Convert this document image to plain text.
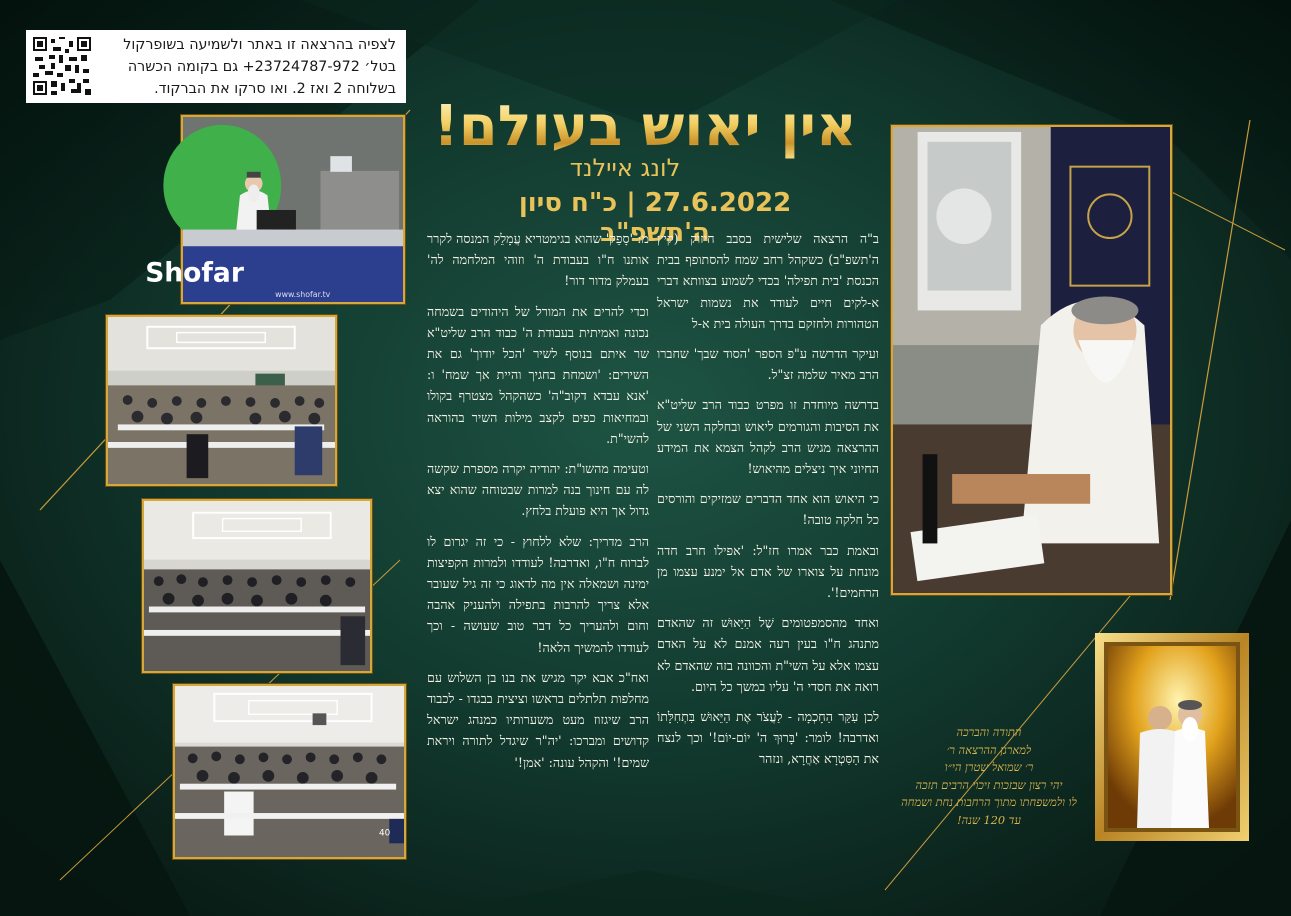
לצפיה בהרצאה זו באתר ולשמיעה בשופרקול
בטל׳ 23724787-972+ גם בקומה הכשרה
בשלוחה 2 ואז 2. ואו סרקו את הברקוד.
אין יאוש בעולם!
לונג איילנד
27.6.2022 | כ"ח סיון ה'תשפ"ב

ב"ה הרצאה שלישית בסבב חיזוק (קיץ ה'תשפ"ב) כשקהל רחב שמח להסתופף בבית הכנסת 'בית תפילה' בכדי לשמוע בצוותא דברי א-לקים חיים לעודד את נשמות ישראל הטהורות ולחזקם בדרך העולה בית א-ל

ועיקר הדרשה ע"פ הספר 'הסוד שבך' שחברו הרב מאיר שלמה זצ"ל.

בדרשה מיוחדת זו מפרט כבוד הרב שליט"א את הסיבות והגורמים ליאוש ובחלקה השני של ההרצאה מגיש הרב לקהל הצמא את המידע החיוני איך ניצלים מהיאוש!

כי היאוש הוא אחד הדברים שמזיקים והורסים כל חלקה טובה!

ובאמת כבר אמרו חז"ל: 'אפילו חרב חדה מונחת על צוארו של אדם אל ימנע עצמו מן הרחמים!'.

ואחד מהסמפטומים שֶׁל הַיֵּאוּשׁ זה שהאדם מתנהג ח"ו בעין רעה אמנם לא על האדם עצמו אלא על השי"ת והכוונה בזה שהאדם לא רואה את חסדי ה' עליו במשך כל היום.

לכן עִקַּר הַחָכְמָה - לַעֲצֹר אֶת הַיֵּאוּשׁ בִּתְחִלָּתוֹ ואדרבה! לומר: 'בָּרוּךְ ה' יוֹם-יוֹם!' וכך לנצח את הַסִּטְרָא אַחֲרָא, ונזהר

מ: 'סָפֵק' שהוא בגימטריא עֲמָלֵק המנסה לקרר אותנו ח"ו בעבודת ה' וזוהי המלחמה לה' בעמלק מדור דור!

וכדי להרים את המורל של היהודים בשמחה נכונה ואמיתית בעבודת ה' כבוד הרב שליט"א שר איתם בנוסף לשיר 'הכל יודוך' גם את השירים: 'ושמחת בחגיך והיית אך שמח' ו: 'אנא עבדא דקוב"ה' כשהקהל מצטרף בקולו ובמחיאות כפים לקצב מילות השיר בהוראה להשי"ת.

וטעימה מהשו"ת: יהודיה יקרה מספרת שקשה לה עם חינוך בנה למרות שבטוחה שהוא יצא גדול אך היא פועלת בלחץ.

הרב מדריך: שלא ללחוץ - כי זה יגרום לו לברוח ח"ו, ואדרבה! לעודדו ולמרות הקפיצות ימינה ושמאלה אין מה לדאוג כי זה גיל שעובר אלא צריך להרבות בתפילה ולהעניק אהבה וחום ולהעריך כל דבר טוב שעושה - וכך לעודדו להמשיך הלאה!

ואח"כ אבא יקר מגיש את בנו בן השלוש עם מחלפות תלתלים בראשו וציצית בבגדו - לכבוד הרב שיגזוז מעט משערותיו כמנהג ישראל קדושים ומברכו: 'יה"ר שיגדל לתורה ויראת שמים!' והקהל עונה: 'אמן!'

Shofar
www.shofar.tv
40
התודה והברכה
למארגן ההרצאה ר׳
ר׳ שמואל שטרן הי״ו
יהי רצון שבזכות זיכוי הרבים תזכה
לו ולמשפחתו מתוך הרחבות נחת ושמחה
עד 120 שנה!
